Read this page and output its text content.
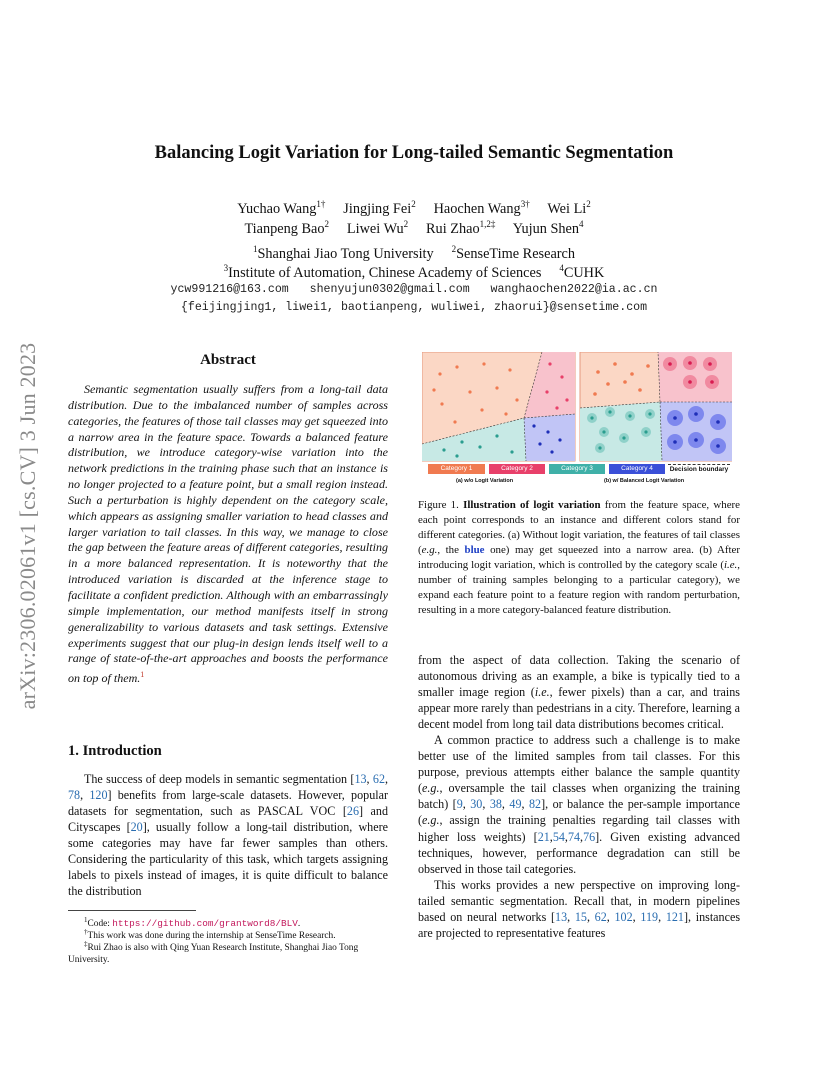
arXiv:2306.02061v1 [cs.CV] 3 Jun 2023
Balancing Logit Variation for Long-tailed Semantic Segmentation
Yuchao Wang$^{1\dagger}$ Jingjing Fei$^2$ Haochen Wang$^{3\dagger}$ Wei Li$^2$
Tianpeng Bao$^2$ Liwei Wu$^2$ Rui Zhao$^{1,2\ddagger}$ Yujun Shen$^4$
$^1$Shanghai Jiao Tong University $^2$SenseTime Research
$^3$Institute of Automation, Chinese Academy of Sciences $^4$CUHK
ycw991216@163.com   shenyujun0302@gmail.com   wanghaochen2022@ia.ac.cn
{feijingjing1, liwei1, baotianpeng, wuliwei, zhaorui}@sensetime.com
Abstract
Semantic segmentation usually suffers from a long-tail data distribution. Due to the imbalanced number of samples across categories, the features of those tail classes may get squeezed into a narrow area in the feature space. Towards a balanced feature distribution, we introduce category-wise variation into the network predictions in the training phase such that an instance is no longer projected to a feature point, but a small region instead. Such a perturbation is highly dependent on the category scale, which appears as assigning smaller variation to head classes and larger variation to tail classes. In this way, we manage to close the gap between the feature areas of different categories, resulting in a more balanced representation. It is noteworthy that the introduced variation is discarded at the inference stage to facilitate a confident prediction. Although with an embarrassingly simple implementation, our method manifests itself in strong generalizability to various datasets and task settings. Extensive experiments suggest that our plug-in design lends itself well to a range of state-of-the-art approaches and boosts the performance on top of them.$^1$
1. Introduction
The success of deep models in semantic segmentation [13, 62, 78, 120] benefits from large-scale datasets. However, popular datasets for segmentation, such as PASCAL VOC [26] and Cityscapes [20], usually follow a long-tail distribution, where some categories may have far fewer samples than others. Considering the particularity of this task, which targets assigning labels to pixels instead of images, it is quite difficult to balance the distribution
$^1$Code: https://github.com/grantword8/BLV.
†This work was done during the internship at SenseTime Research.
‡Rui Zhao is also with Qing Yuan Research Institute, Shanghai Jiao Tong University.
Category 1	Category 2	Category 3	Category 4	Decision boundary
(a) w/o Logit Variation	(b) w/ Balanced Logit Variation
Figure 1. Illustration of logit variation from the feature space, where each point corresponds to an instance and different colors stand for different categories. (a) Without logit variation, the features of tail classes (e.g., the blue one) may get squeezed into a narrow area. (b) After introducing logit variation, which is controlled by the category scale (i.e., number of training samples belonging to a particular category), we expand each feature point to a feature region with random perturbation, resulting in a more category-balanced feature distribution.

from the aspect of data collection. Taking the scenario of autonomous driving as an example, a bike is typically tied to a smaller image region (i.e., fewer pixels) than a car, and trains appear more rarely than pedestrians in a city. Therefore, learning a decent model from long tail data distributions becomes critical.

A common practice to address such a challenge is to make better use of the limited samples from tail classes. For this purpose, previous attempts either balance the sample quantity (e.g., oversample the tail classes when organizing the training batch) [9, 30, 38, 49, 82], or balance the per-sample importance (e.g., assign the training penalties regarding tail classes with higher loss weights) [21,54,74,76]. Given existing advanced techniques, however, performance degradation can still be observed in those tail categories.

This works provides a new perspective on improving long-tailed semantic segmentation. Recall that, in modern pipelines based on neural networks [13, 15, 62, 102, 119, 121], instances are projected to representative features
